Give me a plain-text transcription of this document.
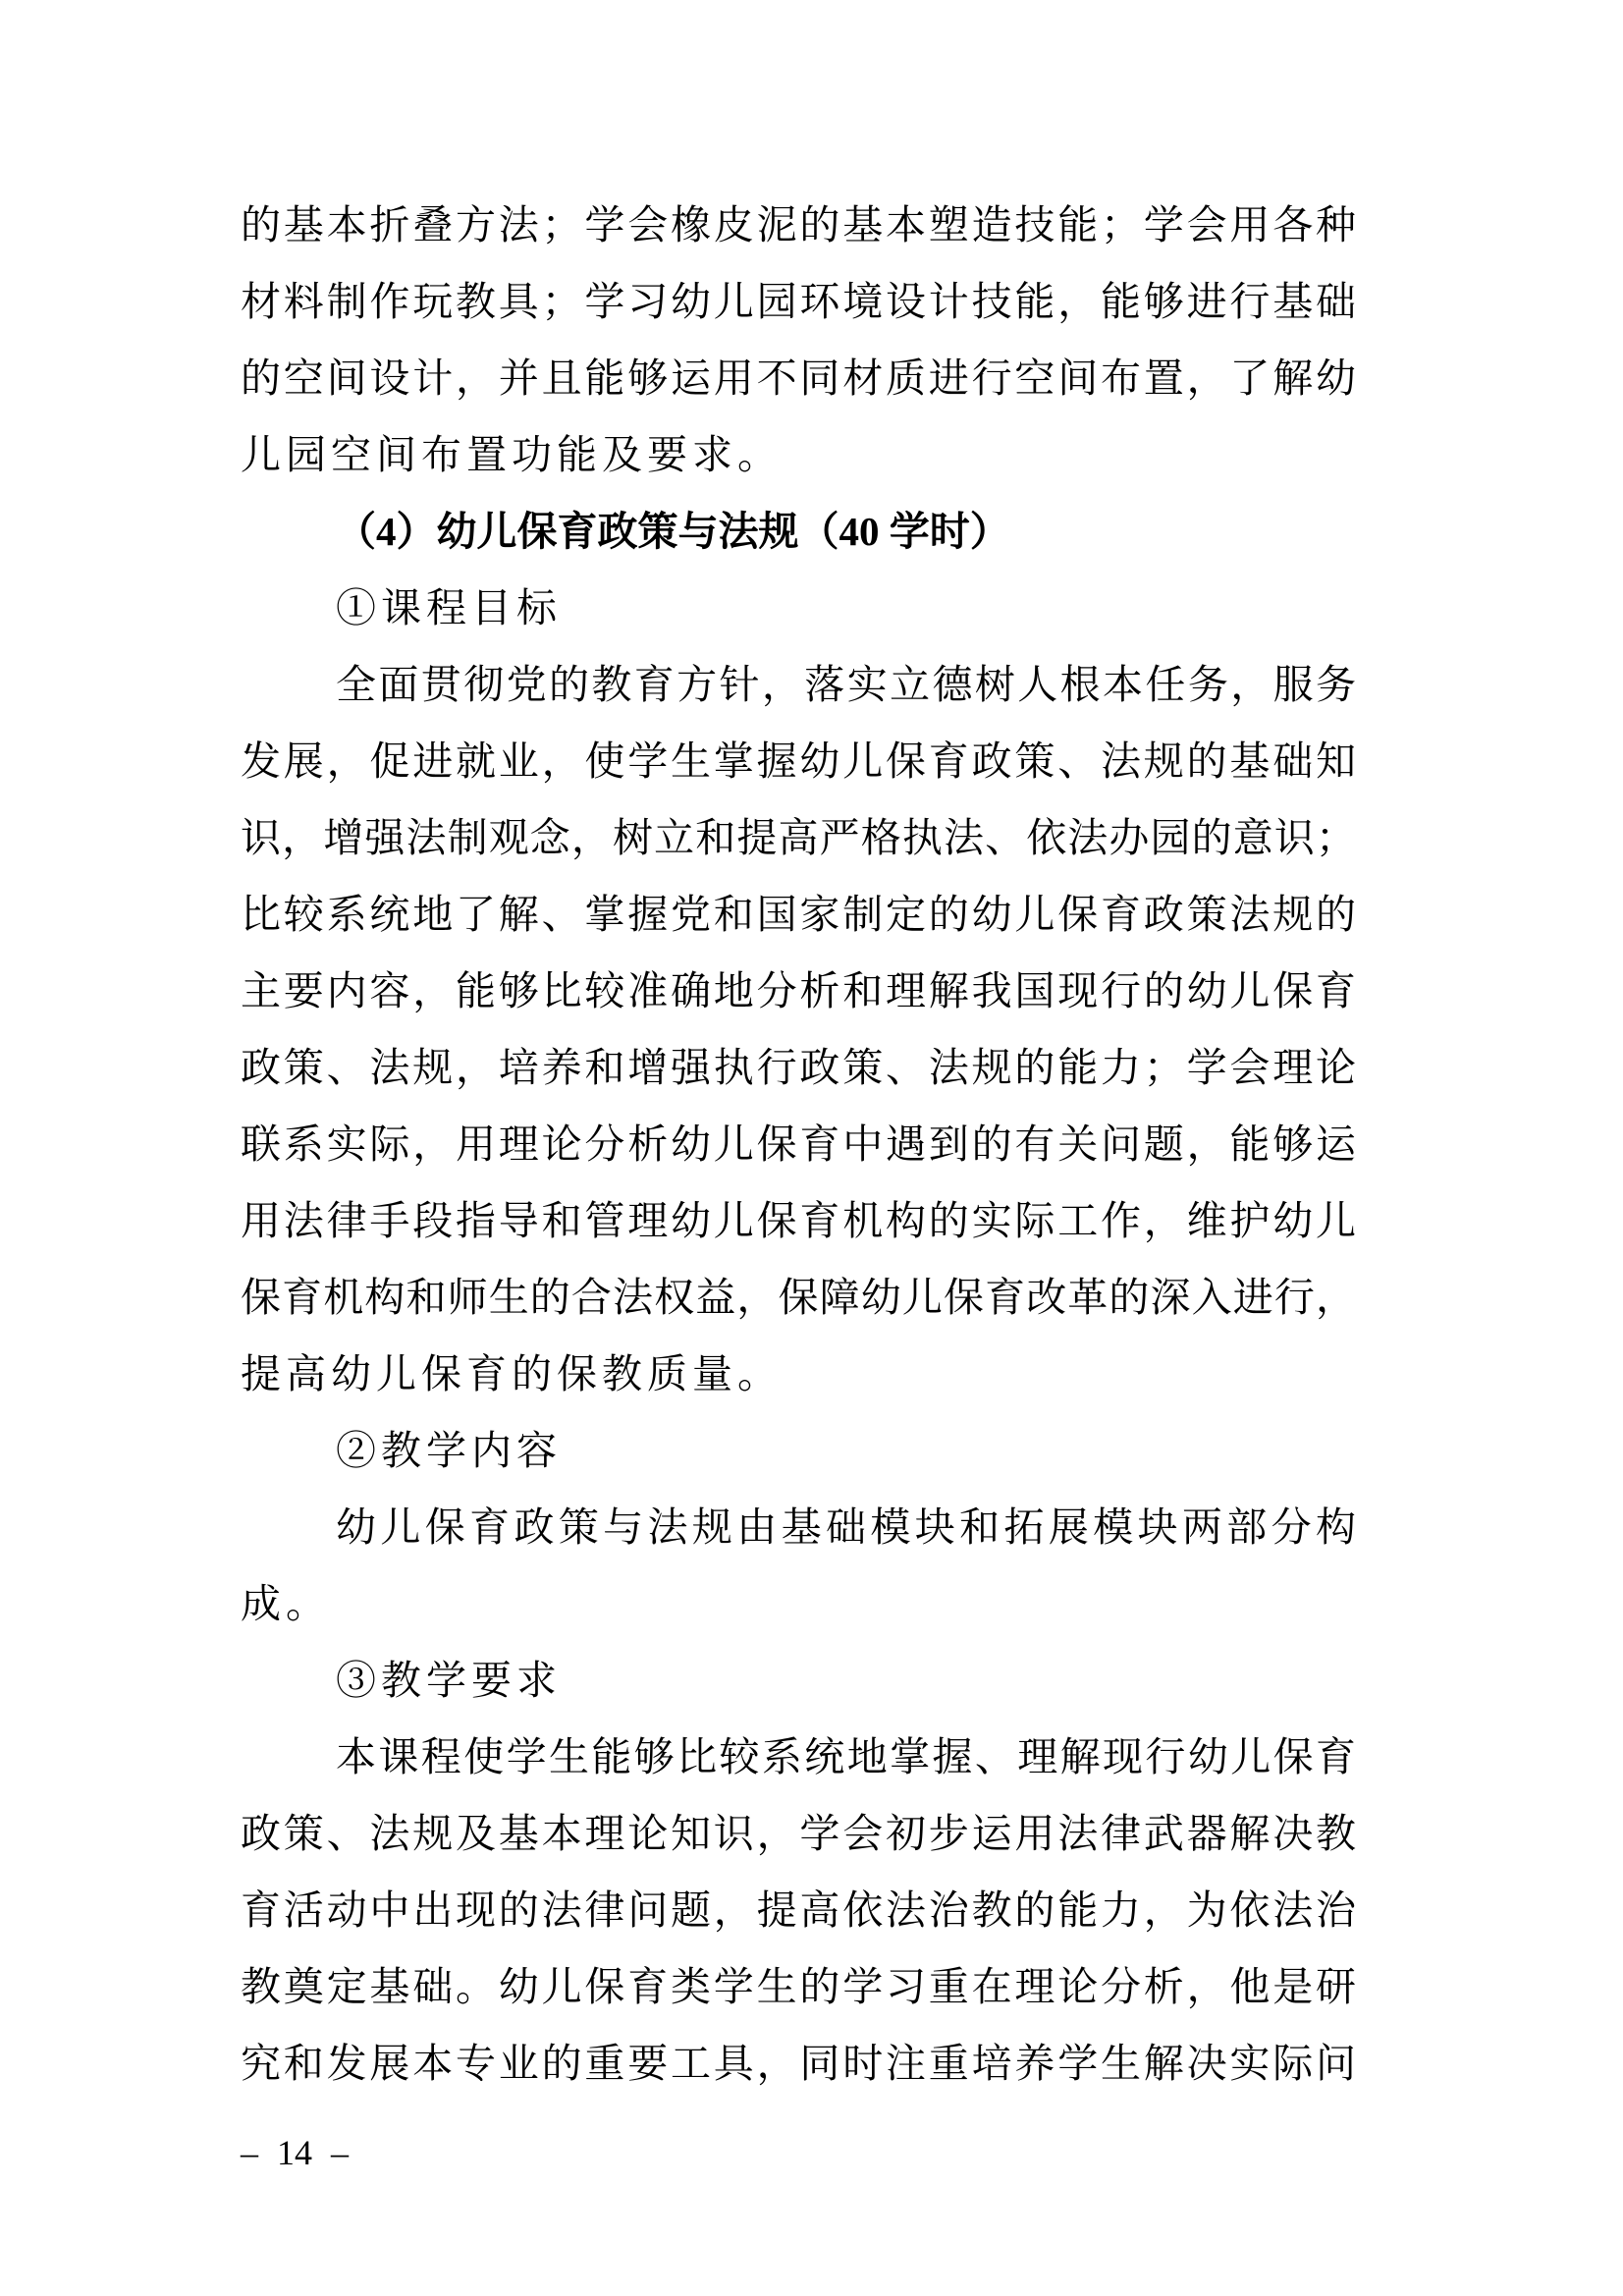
的基本折叠方法；学会橡皮泥的基本塑造技能；学会用各种
材料制作玩教具；学习幼儿园环境设计技能，能够进行基础
的空间设计，并且能够运用不同材质进行空间布置，了解幼
儿园空间布置功能及要求。
（4）幼儿保育政策与法规（40 学时）
①课程目标
全面贯彻党的教育方针，落实立德树人根本任务，服务
发展，促进就业，使学生掌握幼儿保育政策、法规的基础知
识，增强法制观念，树立和提高严格执法、依法办园的意识；
比较系统地了解、掌握党和国家制定的幼儿保育政策法规的
主要内容，能够比较准确地分析和理解我国现行的幼儿保育
政策、法规，培养和增强执行政策、法规的能力；学会理论
联系实际，用理论分析幼儿保育中遇到的有关问题，能够运
用法律手段指导和管理幼儿保育机构的实际工作，维护幼儿
保育机构和师生的合法权益，保障幼儿保育改革的深入进行，
提高幼儿保育的保教质量。
②教学内容
幼儿保育政策与法规由基础模块和拓展模块两部分构
成。
③教学要求
本课程使学生能够比较系统地掌握、理解现行幼儿保育
政策、法规及基本理论知识，学会初步运用法律武器解决教
育活动中出现的法律问题，提高依法治教的能力，为依法治
教奠定基础。幼儿保育类学生的学习重在理论分析，他是研
究和发展本专业的重要工具，同时注重培养学生解决实际问
– 14 –
